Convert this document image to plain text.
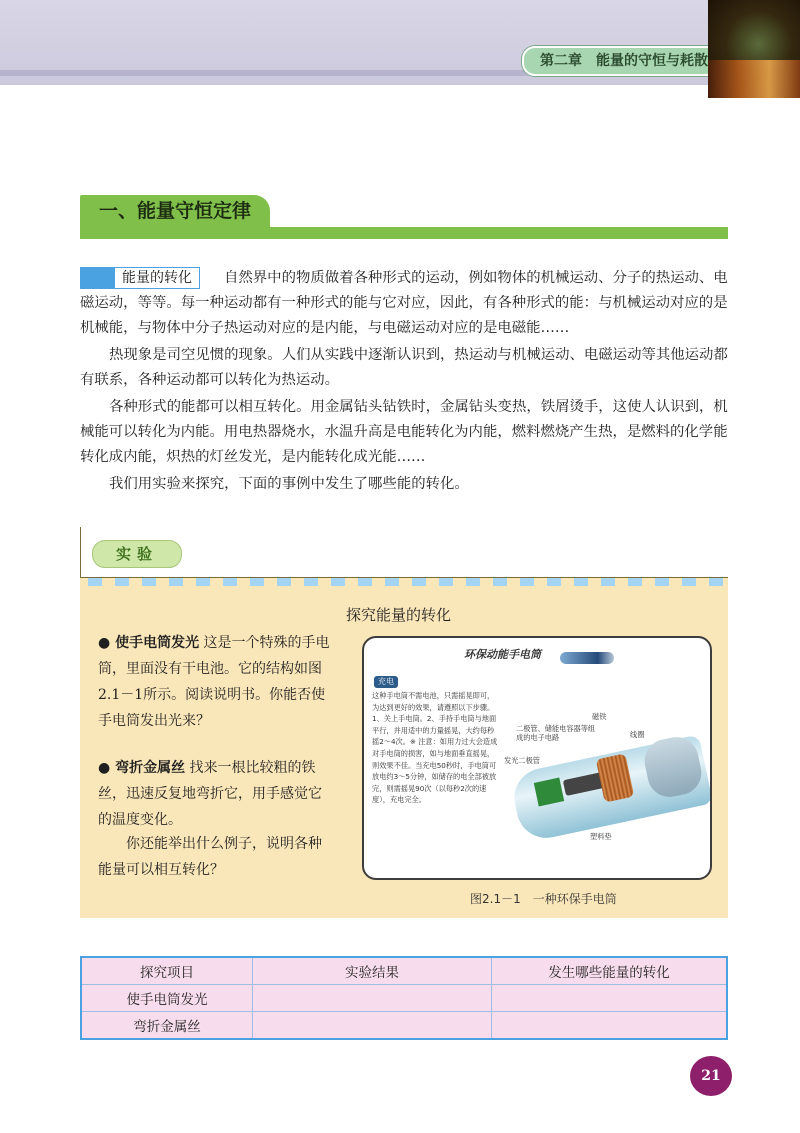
第二章　能量的守恒与耗散
一、能量守恒定律
能量的转化	自然界中的物质做着各种形式的运动，例如物体的机械运动、分子的热运动、电磁运动，等等。每一种运动都有一种形式的能与它对应，因此，有各种形式的能：与机械运动对应的是机械能，与物体中分子热运动对应的是内能，与电磁运动对应的是电磁能……
热现象是司空见惯的现象。人们从实践中逐渐认识到，热运动与机械运动、电磁运动等其他运动都有联系，各种运动都可以转化为热运动。
各种形式的能都可以相互转化。用金属钻头钻铁时，金属钻头变热，铁屑烫手，这使人认识到，机械能可以转化为内能。用电热器烧水，水温升高是电能转化为内能，燃料燃烧产生热，是燃料的化学能转化成内能，炽热的灯丝发光，是内能转化成光能……
我们用实验来探究，下面的事例中发生了哪些能的转化。
实验
探究能量的转化
● 使手电筒发光 这是一个特殊的手电筒，里面没有干电池。它的结构如图2.1－1所示。阅读说明书。你能否使手电筒发出光来？
● 弯折金属丝 找来一根比较粗的铁丝，迅速反复地弯折它，用手感觉它的温度变化。
你还能举出什么例子，说明各种能量可以相互转化？
环保动能手电筒
充电
这种手电筒不需电池，只需摇晃即可，为达到更好的效果，请遵照以下步骤。1、关上手电筒。2、手持手电筒与地面平行，并用适中的力量摇晃，大约每秒摇2～4次。※ 注意：如用力过大会造成对手电筒的损害，如与地面垂直摇晃，则效果不佳。当充电50秒时，手电筒可放电约3～5分钟，如储存的电全部被放完，则需摇晃90次（以每秒2次的速度），充电完全。
磁铁
二极管、储能电容器等组成的电子电路	线圈
发光二极管
塑料垫
图2.1－1　一种环保手电筒
探究项目	实验结果	发生哪些能量的转化
使手电筒发光		
弯折金属丝		
21
